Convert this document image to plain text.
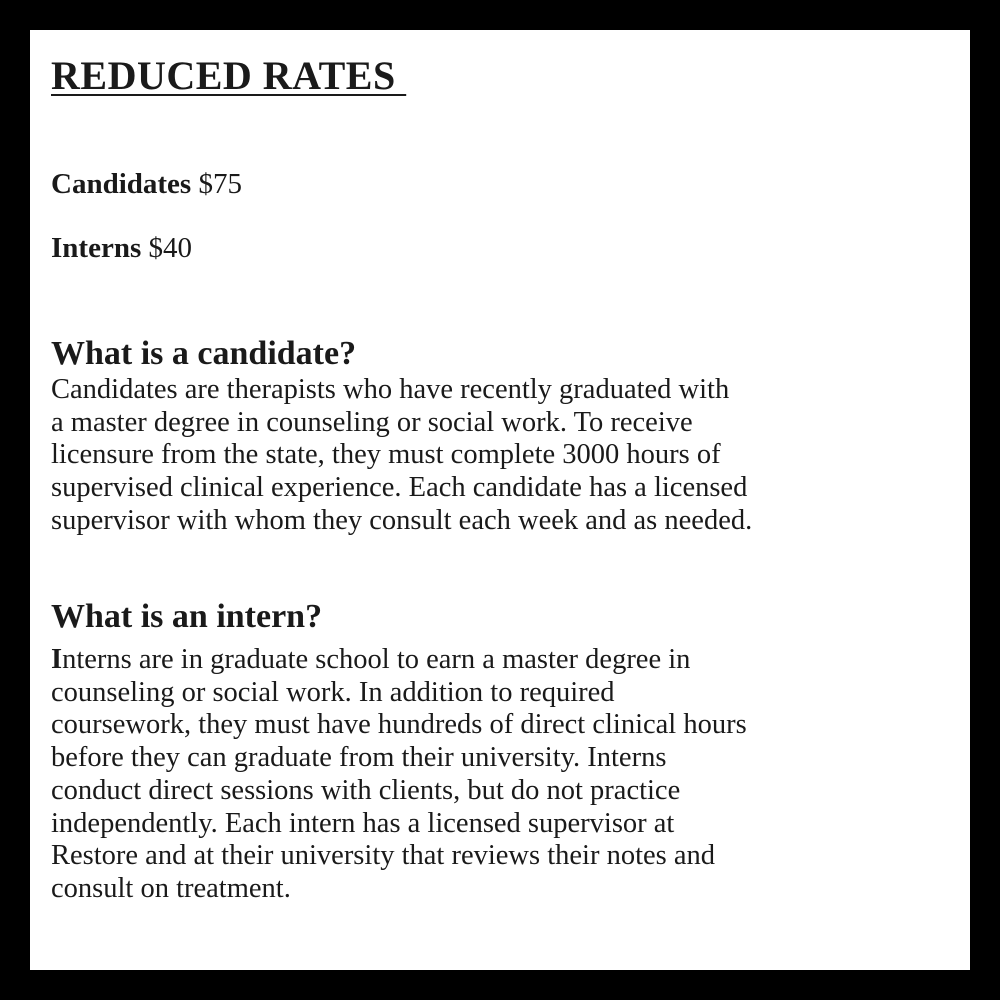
REDUCED RATES

Candidates $75

Interns $40

What is a candidate?

Candidates are therapists who have recently graduated with
a master degree in counseling or social work. To receive
licensure from the state, they must complete 3000 hours of
supervised clinical experience. Each candidate has a licensed
supervisor with whom they consult each week and as needed.

What is an intern?

Interns are in graduate school to earn a master degree in
counseling or social work. In addition to required
coursework, they must have hundreds of direct clinical hours
before they can graduate from their university. Interns
conduct direct sessions with clients, but do not practice
independently. Each intern has a licensed supervisor at
Restore and at their university that reviews their notes and
consult on treatment.
